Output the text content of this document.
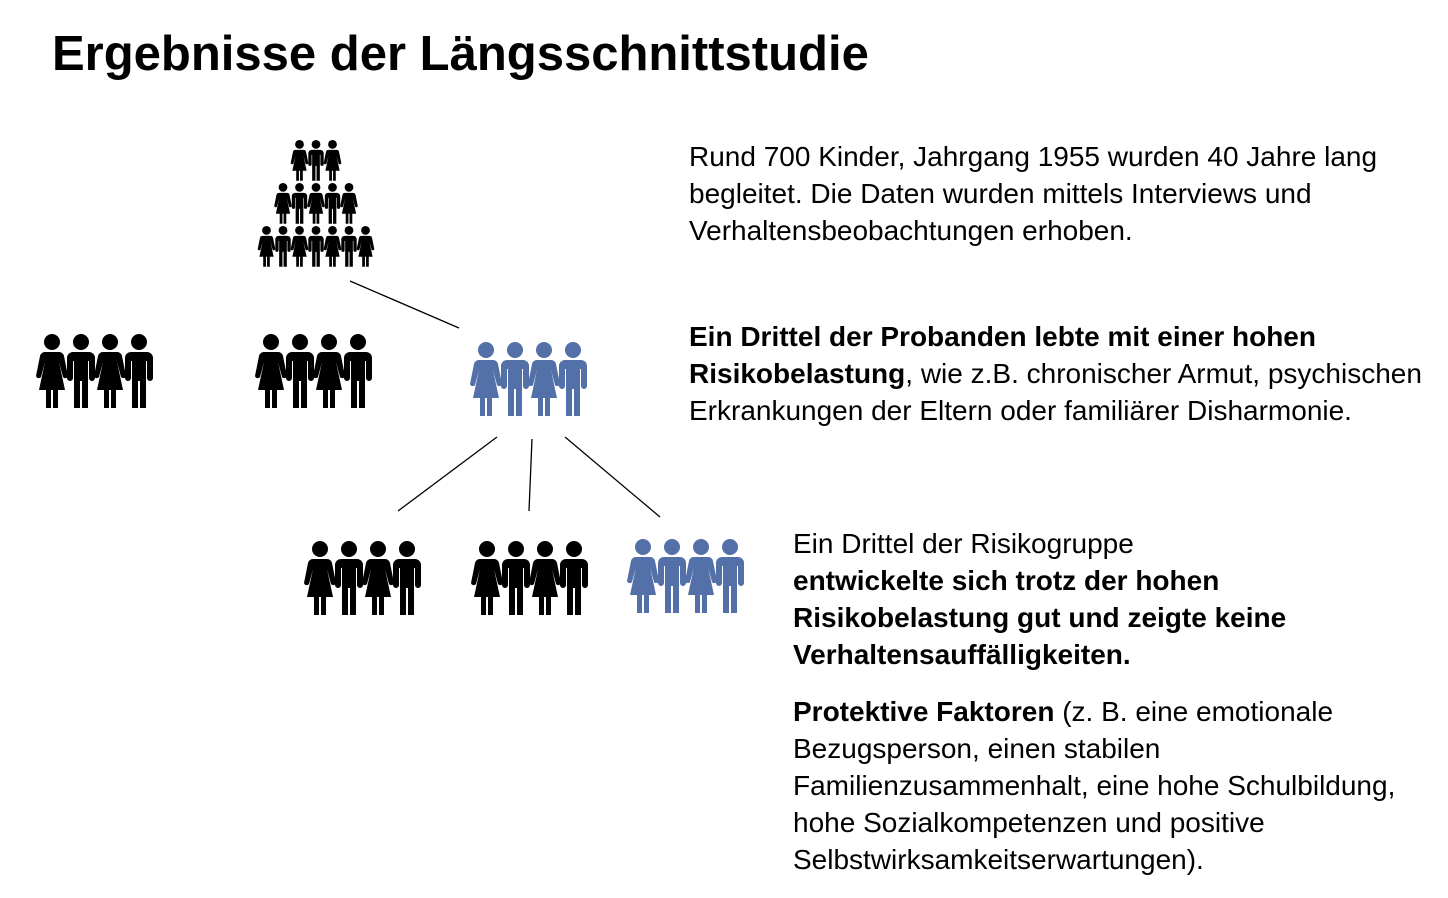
Ergebnisse der Längsschnittstudie

Rund 700 Kinder, Jahrgang 1955 wurden 40 Jahre lang begleitet. Die Daten wurden mittels Interviews und Verhaltensbeobachtungen erhoben.

Ein Drittel der Probanden lebte mit einer hohen Risikobelastung, wie z.B. chronischer Armut, psychischen Erkrankungen der Eltern oder familiärer Disharmonie.

Ein Drittel der Risikogruppe
entwickelte sich trotz der hohen Risikobelastung gut und zeigte keine Verhaltensauffälligkeiten.

Protektive Faktoren (z. B. eine emotionale Bezugsperson, einen stabilen Familienzusammenhalt, eine hohe Schulbildung, hohe Sozialkompetenzen und positive Selbstwirksamkeitserwartungen).
